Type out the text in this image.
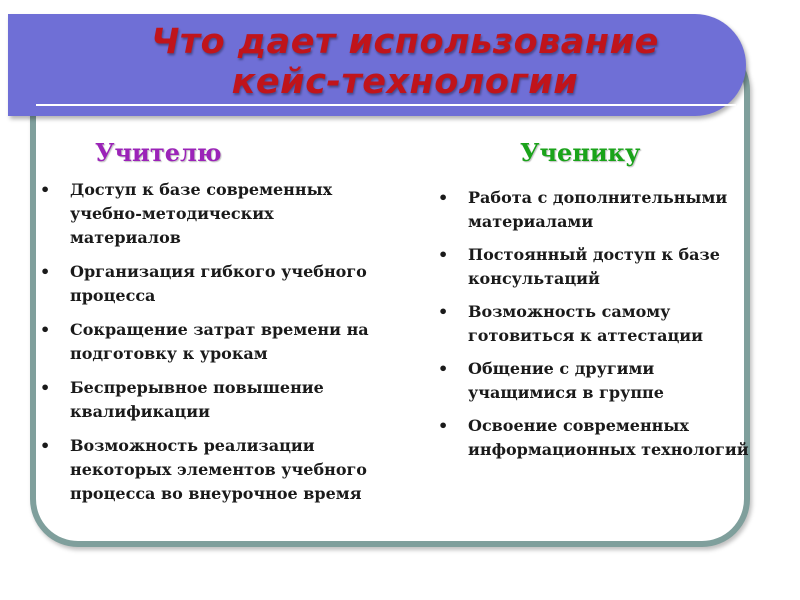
Что дает использование
кейс-технологии
Учителю	Ученику
• Доступ к базе современных
учебно-методических
материалов
• Организация гибкого учебного
процесса
• Сокращение затрат времени на
подготовку к урокам
• Беспрерывное повышение
квалификации
• Возможность реализации
некоторых элементов учебного
процесса во внеурочное время
• Работа с дополнительными
материалами
• Постоянный доступ к базе
консультаций
• Возможность самому
готовиться к аттестации
• Общение с другими
учащимися в группе
• Освоение современных
информационных технологий
